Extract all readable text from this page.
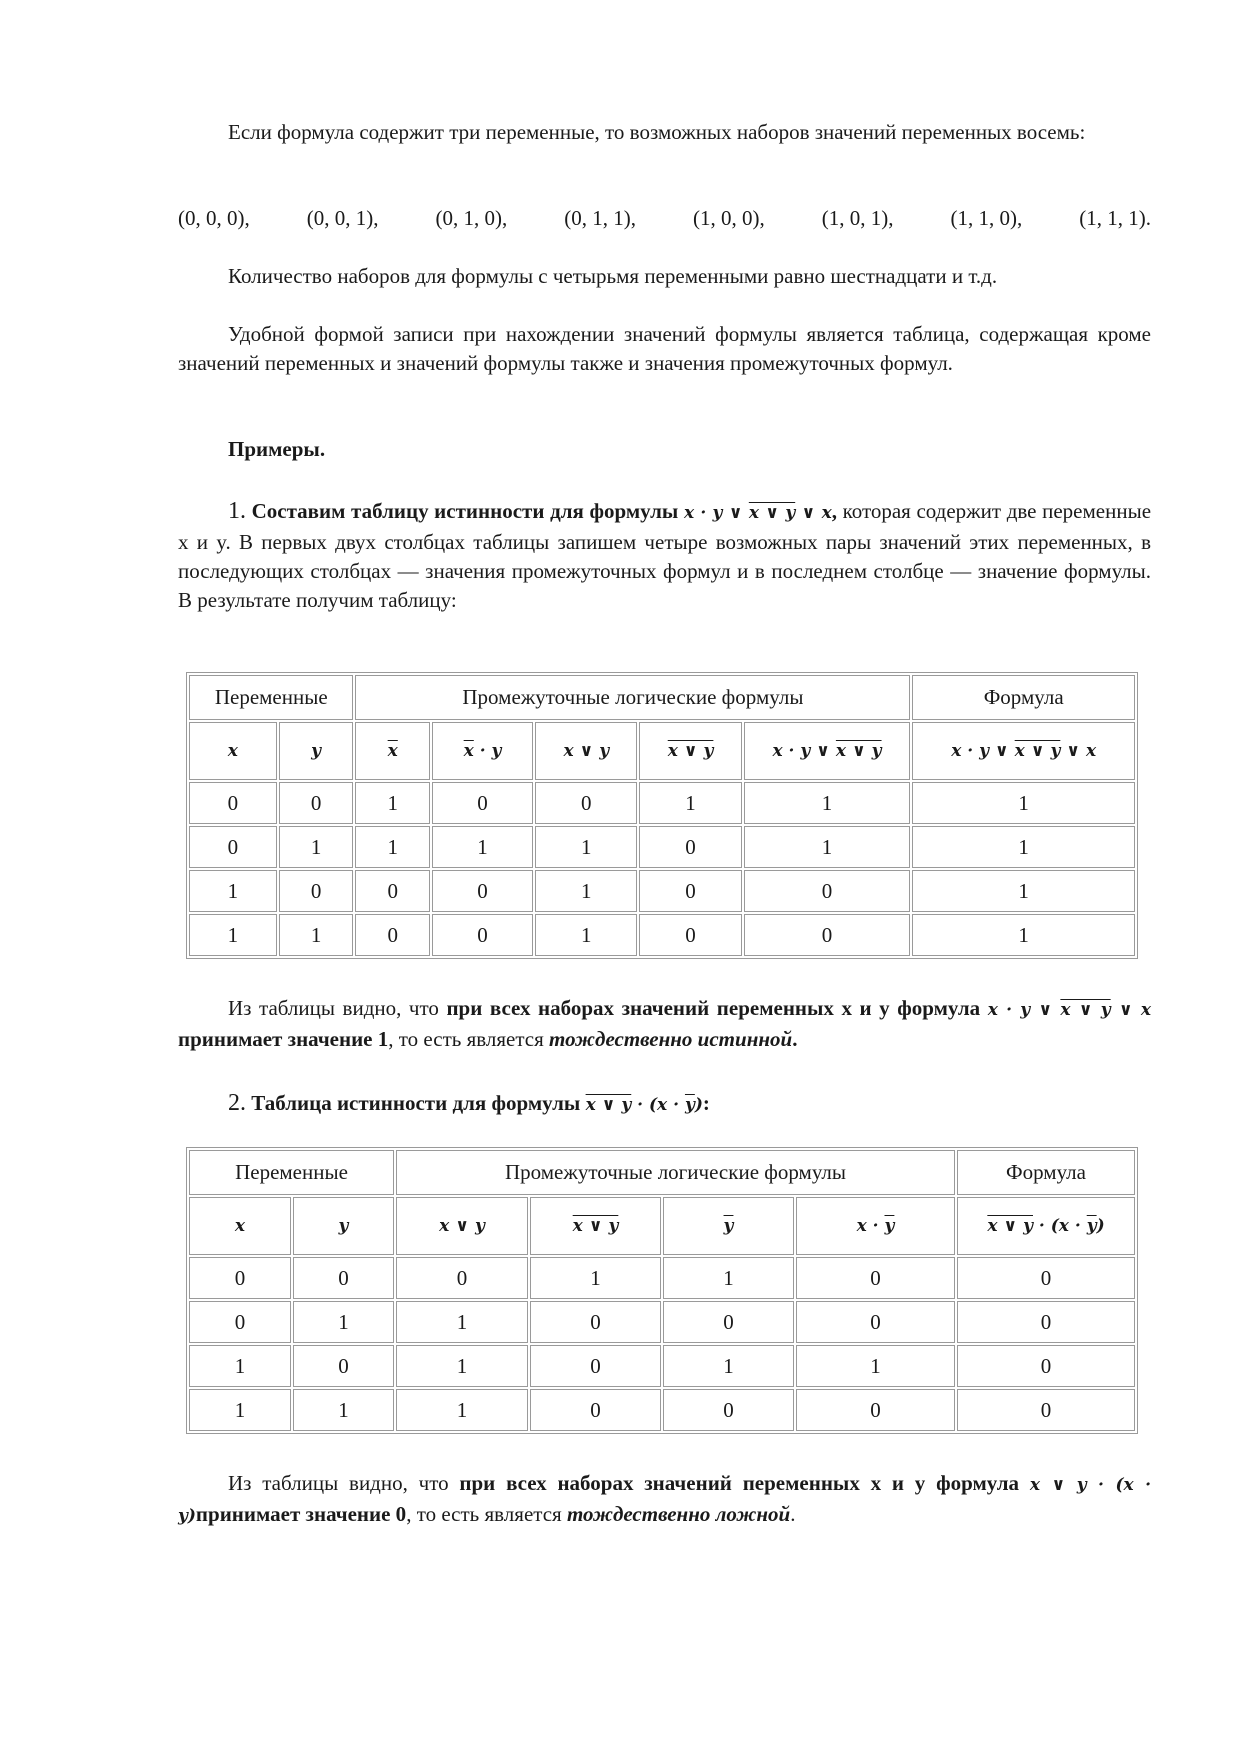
Если формула содержит три переменные, то возможных наборов значений переменных восемь:

(0, 0, 0),	(0, 0, 1),	(0, 1, 0),	(0, 1, 1),	(1, 0, 0),	(1, 0, 1),	(1, 1, 0),	(1, 1, 1).

Количество наборов для формулы с четырьмя переменными равно шестнадцати и т.д.

Удобной формой записи при нахождении значений формулы является таблица, содержащая кроме значений переменных и значений формулы также и значения промежуточных формул.

Примеры.

1. Составим таблицу истинности для формулы x · y ∨ x ∨ y ∨ x, которая содержит две переменные x и y. В первых двух столбцах таблицы запишем четыре возможных пары значений этих переменных, в последующих столбцах — значения промежуточных формул и в последнем столбце — значение формулы. В результате получим таблицу:

Переменные		Промежуточные логические формулы					Формула
x	y	$\overline{x}$	$\overline{x} \cdot y$	x ∨ y	x ∨ y	x · y ∨ x ∨ y	x · y ∨ x ∨ y ∨ x
0	0	1	0	0	1	1	1
0	1	1	1	1	0	1	1
1	0	0	0	1	0	0	1
1	1	0	0	1	0	0	1

Из таблицы видно, что при всех наборах значений переменных x и y формула x · y ∨ x ∨ y ∨ x принимает значение 1, то есть является тождественно истинной.

2. Таблица истинности для формулы x ∨ $y \cdot (x \cdot \overline{y})$:

Переменные		Промежуточные логические формулы				Формула
x	y	x ∨ y	x ∨ y	$\overline{y}$	$x \cdot \overline{y}$	x ∨ $y \cdot (x \cdot \overline{y})$
0	0	0	1	1	0	0
0	1	1	0	0	0	0
1	0	1	0	1	1	0
1	1	1	0	0	0	0

Из таблицы видно, что при всех наборах значений переменных x и y формула x ∨ y · (x · y)принимает значение 0, то есть является тождественно ложной.
